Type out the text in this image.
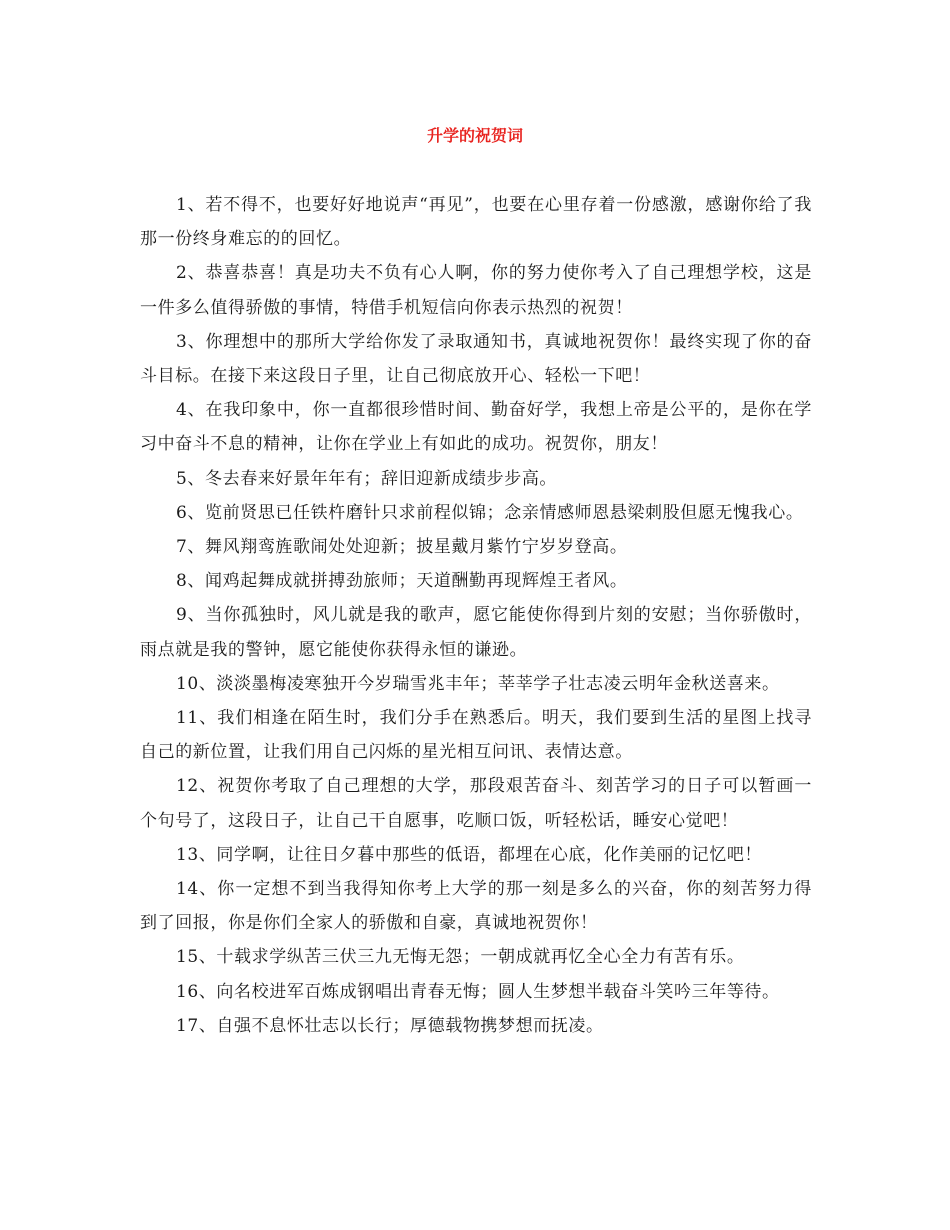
升学的祝贺词

1、若不得不，也要好好地说声“再见”，也要在心里存着一份感激，感谢你给了我那一份终身难忘的的回忆。

2、恭喜恭喜！真是功夫不负有心人啊，你的努力使你考入了自己理想学校，这是一件多么值得骄傲的事情，特借手机短信向你表示热烈的祝贺！

3、你理想中的那所大学给你发了录取通知书，真诚地祝贺你！最终实现了你的奋斗目标。在接下来这段日子里，让自己彻底放开心、轻松一下吧！

4、在我印象中，你一直都很珍惜时间、勤奋好学，我想上帝是公平的，是你在学习中奋斗不息的精神，让你在学业上有如此的成功。祝贺你，朋友！

5、冬去春来好景年年有；辞旧迎新成绩步步高。

6、览前贤思已任铁杵磨针只求前程似锦；念亲情感师恩悬梁刺股但愿无愧我心。

7、舞风翔鸾旌歌闹处处迎新；披星戴月紫竹宁岁岁登高。

8、闻鸡起舞成就拼搏劲旅师；天道酬勤再现辉煌王者风。

9、当你孤独时，风儿就是我的歌声，愿它能使你得到片刻的安慰；当你骄傲时，雨点就是我的警钟，愿它能使你获得永恒的谦逊。

10、淡淡墨梅凌寒独开今岁瑞雪兆丰年；莘莘学子壮志凌云明年金秋送喜来。

11、我们相逢在陌生时，我们分手在熟悉后。明天，我们要到生活的星图上找寻自己的新位置，让我们用自己闪烁的星光相互问讯、表情达意。

12、祝贺你考取了自己理想的大学，那段艰苦奋斗、刻苦学习的日子可以暂画一个句号了，这段日子，让自己干自愿事，吃顺口饭，听轻松话，睡安心觉吧！

13、同学啊，让往日夕暮中那些的低语，都埋在心底，化作美丽的记忆吧！

14、你一定想不到当我得知你考上大学的那一刻是多么的兴奋，你的刻苦努力得到了回报，你是你们全家人的骄傲和自豪，真诚地祝贺你！

15、十载求学纵苦三伏三九无悔无怨；一朝成就再忆全心全力有苦有乐。

16、向名校进军百炼成钢唱出青春无悔；圆人生梦想半载奋斗笑吟三年等待。

17、自强不息怀壮志以长行；厚德载物携梦想而抚凌。
